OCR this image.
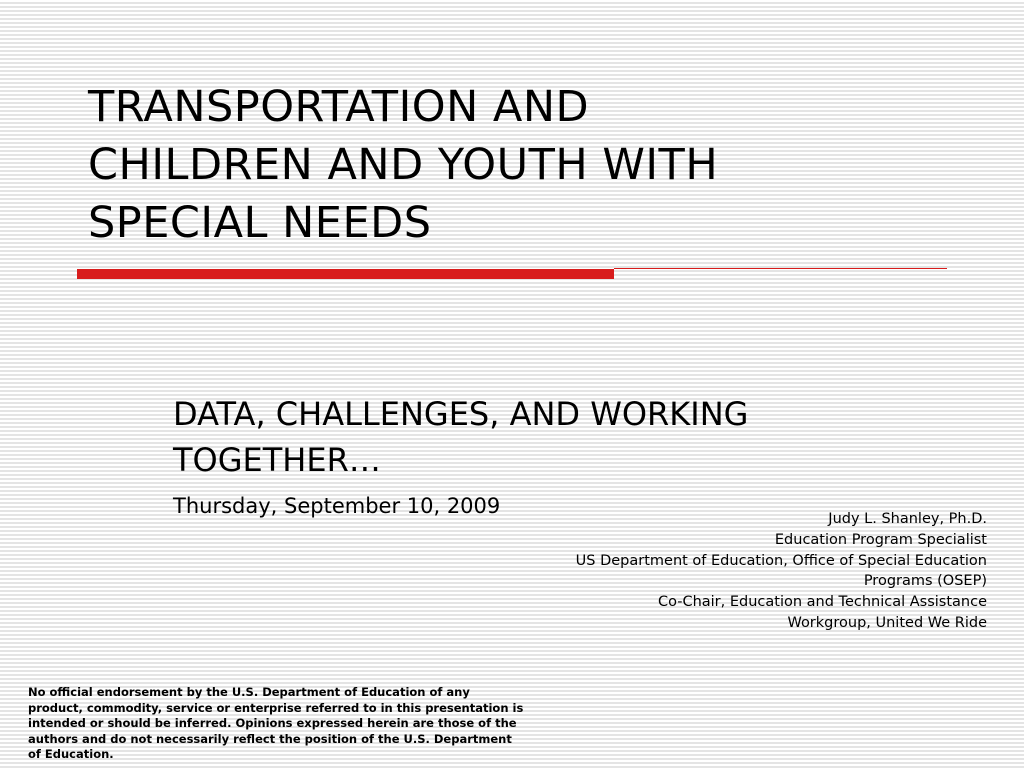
TRANSPORTATION AND
CHILDREN AND YOUTH WITH
SPECIAL NEEDS
DATA, CHALLENGES, AND WORKING
TOGETHER…
Thursday, September 10, 2009
Judy L. Shanley, Ph.D.
Education Program Specialist
US Department of Education, Office of Special Education
Programs (OSEP)
Co-Chair, Education and Technical Assistance
Workgroup, United We Ride
No official endorsement by the U.S. Department of Education of any
product, commodity, service or enterprise referred to in this presentation is
intended or should be inferred. Opinions expressed herein are those of the
authors and do not necessarily reflect the position of the U.S. Department
of Education.
